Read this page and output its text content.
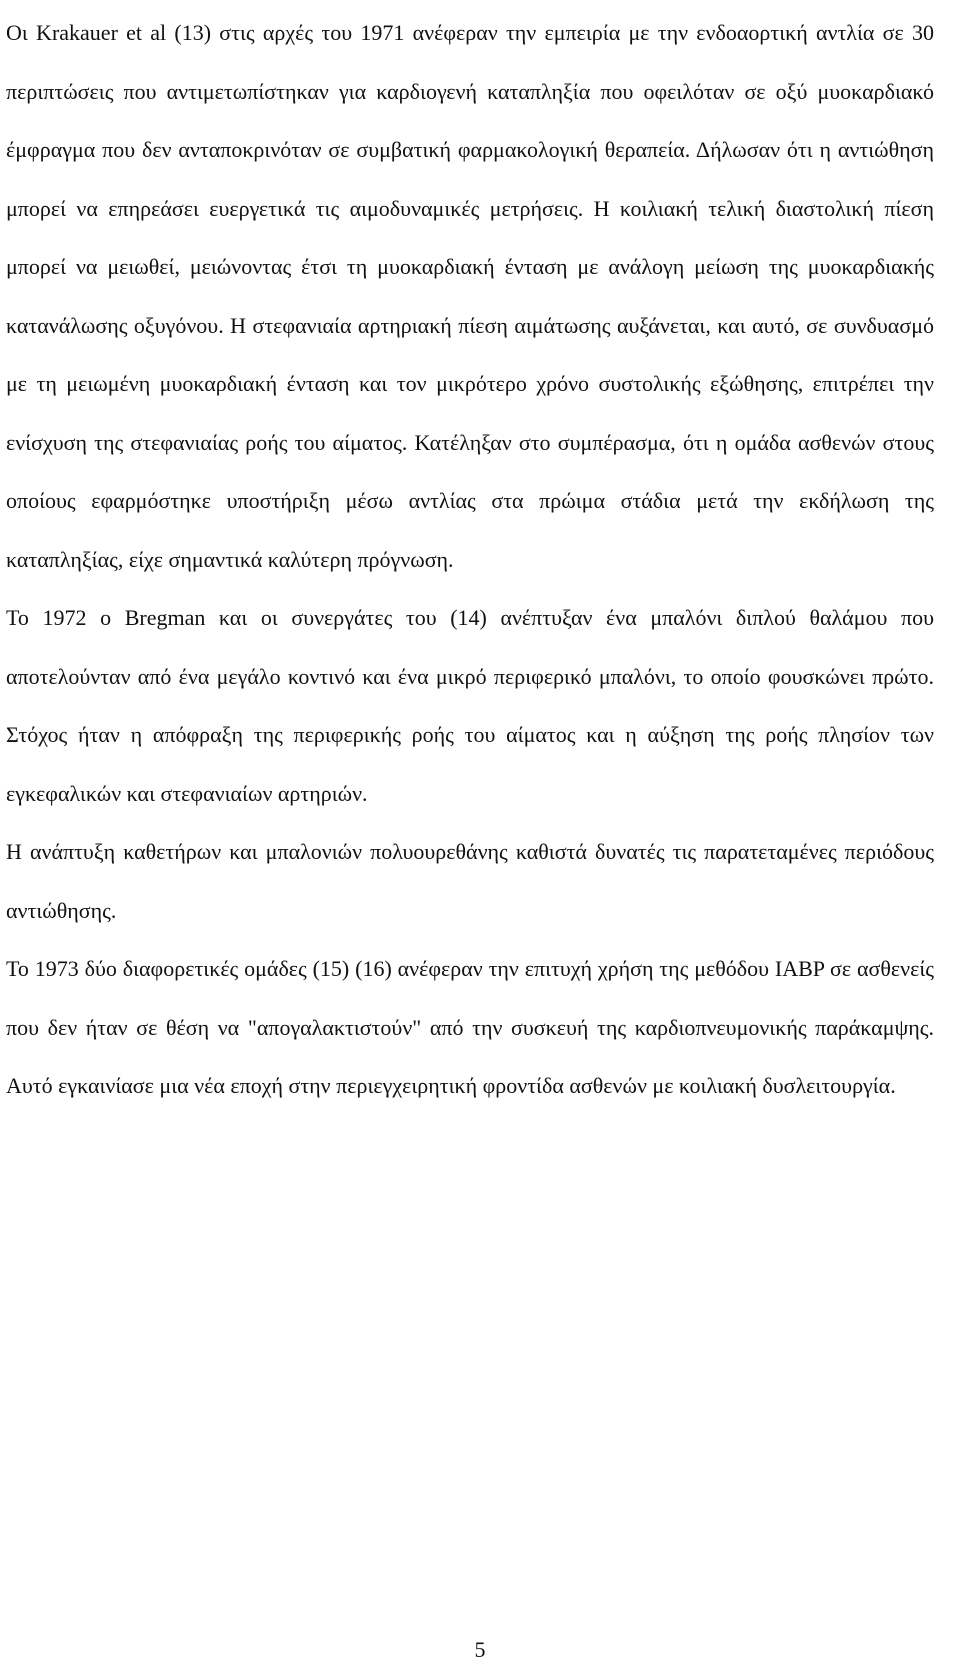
Οι Krakauer et al (13) στις αρχές του 1971 ανέφεραν την εμπειρία με την ενδοαορτική αντλία σε 30 περιπτώσεις που αντιμετωπίστηκαν για καρδιογενή καταπληξία που οφειλόταν σε οξύ μυοκαρδιακό έμφραγμα που δεν ανταποκρινόταν σε συμβατική φαρμακολογική θεραπεία. Δήλωσαν ότι η αντιώθηση μπορεί να επηρεάσει ευεργετικά τις αιμοδυναμικές μετρήσεις. Η κοιλιακή τελική διαστολική πίεση μπορεί να μειωθεί, μειώνοντας έτσι τη μυοκαρδιακή ένταση με ανάλογη μείωση της μυοκαρδιακής κατανάλωσης οξυγόνου. Η στεφανιαία αρτηριακή πίεση αιμάτωσης αυξάνεται, και αυτό, σε συνδυασμό με τη μειωμένη μυοκαρδιακή ένταση και τον μικρότερο χρόνο συστολικής εξώθησης, επιτρέπει την ενίσχυση της στεφανιαίας ροής του αίματος. Κατέληξαν στο συμπέρασμα, ότι η ομάδα ασθενών στους οποίους εφαρμόστηκε υποστήριξη μέσω αντλίας στα πρώιμα στάδια μετά την εκδήλωση της καταπληξίας, είχε σημαντικά καλύτερη πρόγνωση.

Το 1972 ο Bregman και οι συνεργάτες του (14) ανέπτυξαν ένα μπαλόνι διπλού θαλάμου που αποτελούνταν από ένα μεγάλο κοντινό και ένα μικρό περιφερικό μπαλόνι, το οποίο φουσκώνει πρώτο. Στόχος ήταν η απόφραξη της περιφερικής ροής του αίματος και η αύξηση της ροής πλησίον των εγκεφαλικών και στεφανιαίων αρτηριών.

Η ανάπτυξη καθετήρων και μπαλονιών πολυουρεθάνης καθιστά δυνατές τις παρατεταμένες περιόδους αντιώθησης.

Το 1973 δύο διαφορετικές ομάδες (15) (16) ανέφεραν την επιτυχή χρήση της μεθόδου IABP σε ασθενείς που δεν ήταν σε θέση να "απογαλακτιστούν" από την συσκευή της καρδιοπνευμονικής παράκαμψης. Αυτό εγκαινίασε μια νέα εποχή στην περιεγχειρητική φροντίδα ασθενών με κοιλιακή δυσλειτουργία.

5
